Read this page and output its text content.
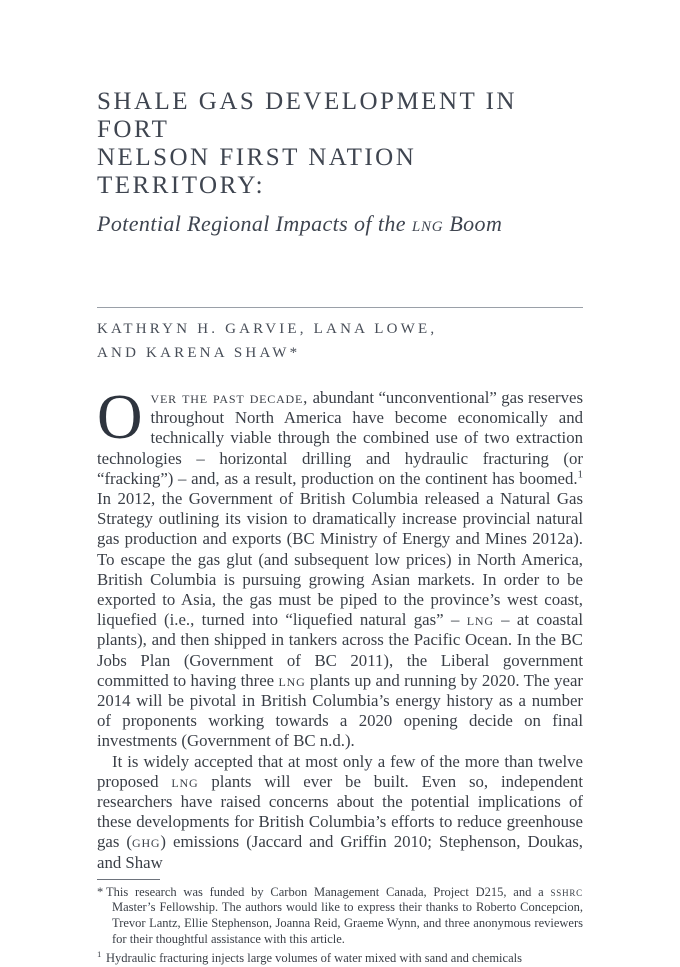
SHALE GAS DEVELOPMENT IN FORT
NELSON FIRST NATION TERRITORY:
Potential Regional Impacts of the lng Boom
KATHRYN H. GARVIE, LANA LOWE,
AND KARENA SHAW*

Over the past decade, abundant “unconventional” gas reserves throughout North America have become economically and technically viable through the combined use of two extraction technologies – horizontal drilling and hydraulic fracturing (or “fracking”) – and, as a result, production on the continent has boomed.$^1$ In 2012, the Government of British Columbia released a Natural Gas Strategy outlining its vision to dramatically increase provincial natural gas production and exports (BC Ministry of Energy and Mines 2012a). To escape the gas glut (and subsequent low prices) in North America, British Columbia is pursuing growing Asian markets. In order to be exported to Asia, the gas must be piped to the province’s west coast, liquefied (i.e., turned into “liquefied natural gas” – lng – at coastal plants), and then shipped in tankers across the Pacific Ocean. In the BC Jobs Plan (Government of BC 2011), the Liberal government committed to having three lng plants up and running by 2020. The year 2014 will be pivotal in British Columbia’s energy history as a number of proponents working towards a 2020 opening decide on final investments (Government of BC n.d.).

It is widely accepted that at most only a few of the more than twelve proposed lng plants will ever be built. Even so, independent researchers have raised concerns about the potential implications of these developments for British Columbia’s efforts to reduce greenhouse gas (ghg) emissions (Jaccard and Griffin 2010; Stephenson, Doukas, and Shaw

* This research was funded by Carbon Management Canada, Project D215, and a sshrc Master’s Fellowship. The authors would like to express their thanks to Roberto Concepcion, Trevor Lantz, Ellie Stephenson, Joanna Reid, Graeme Wynn, and three anonymous reviewers for their thoughtful assistance with this article.
1 Hydraulic fracturing injects large volumes of water mixed with sand and chemicals
